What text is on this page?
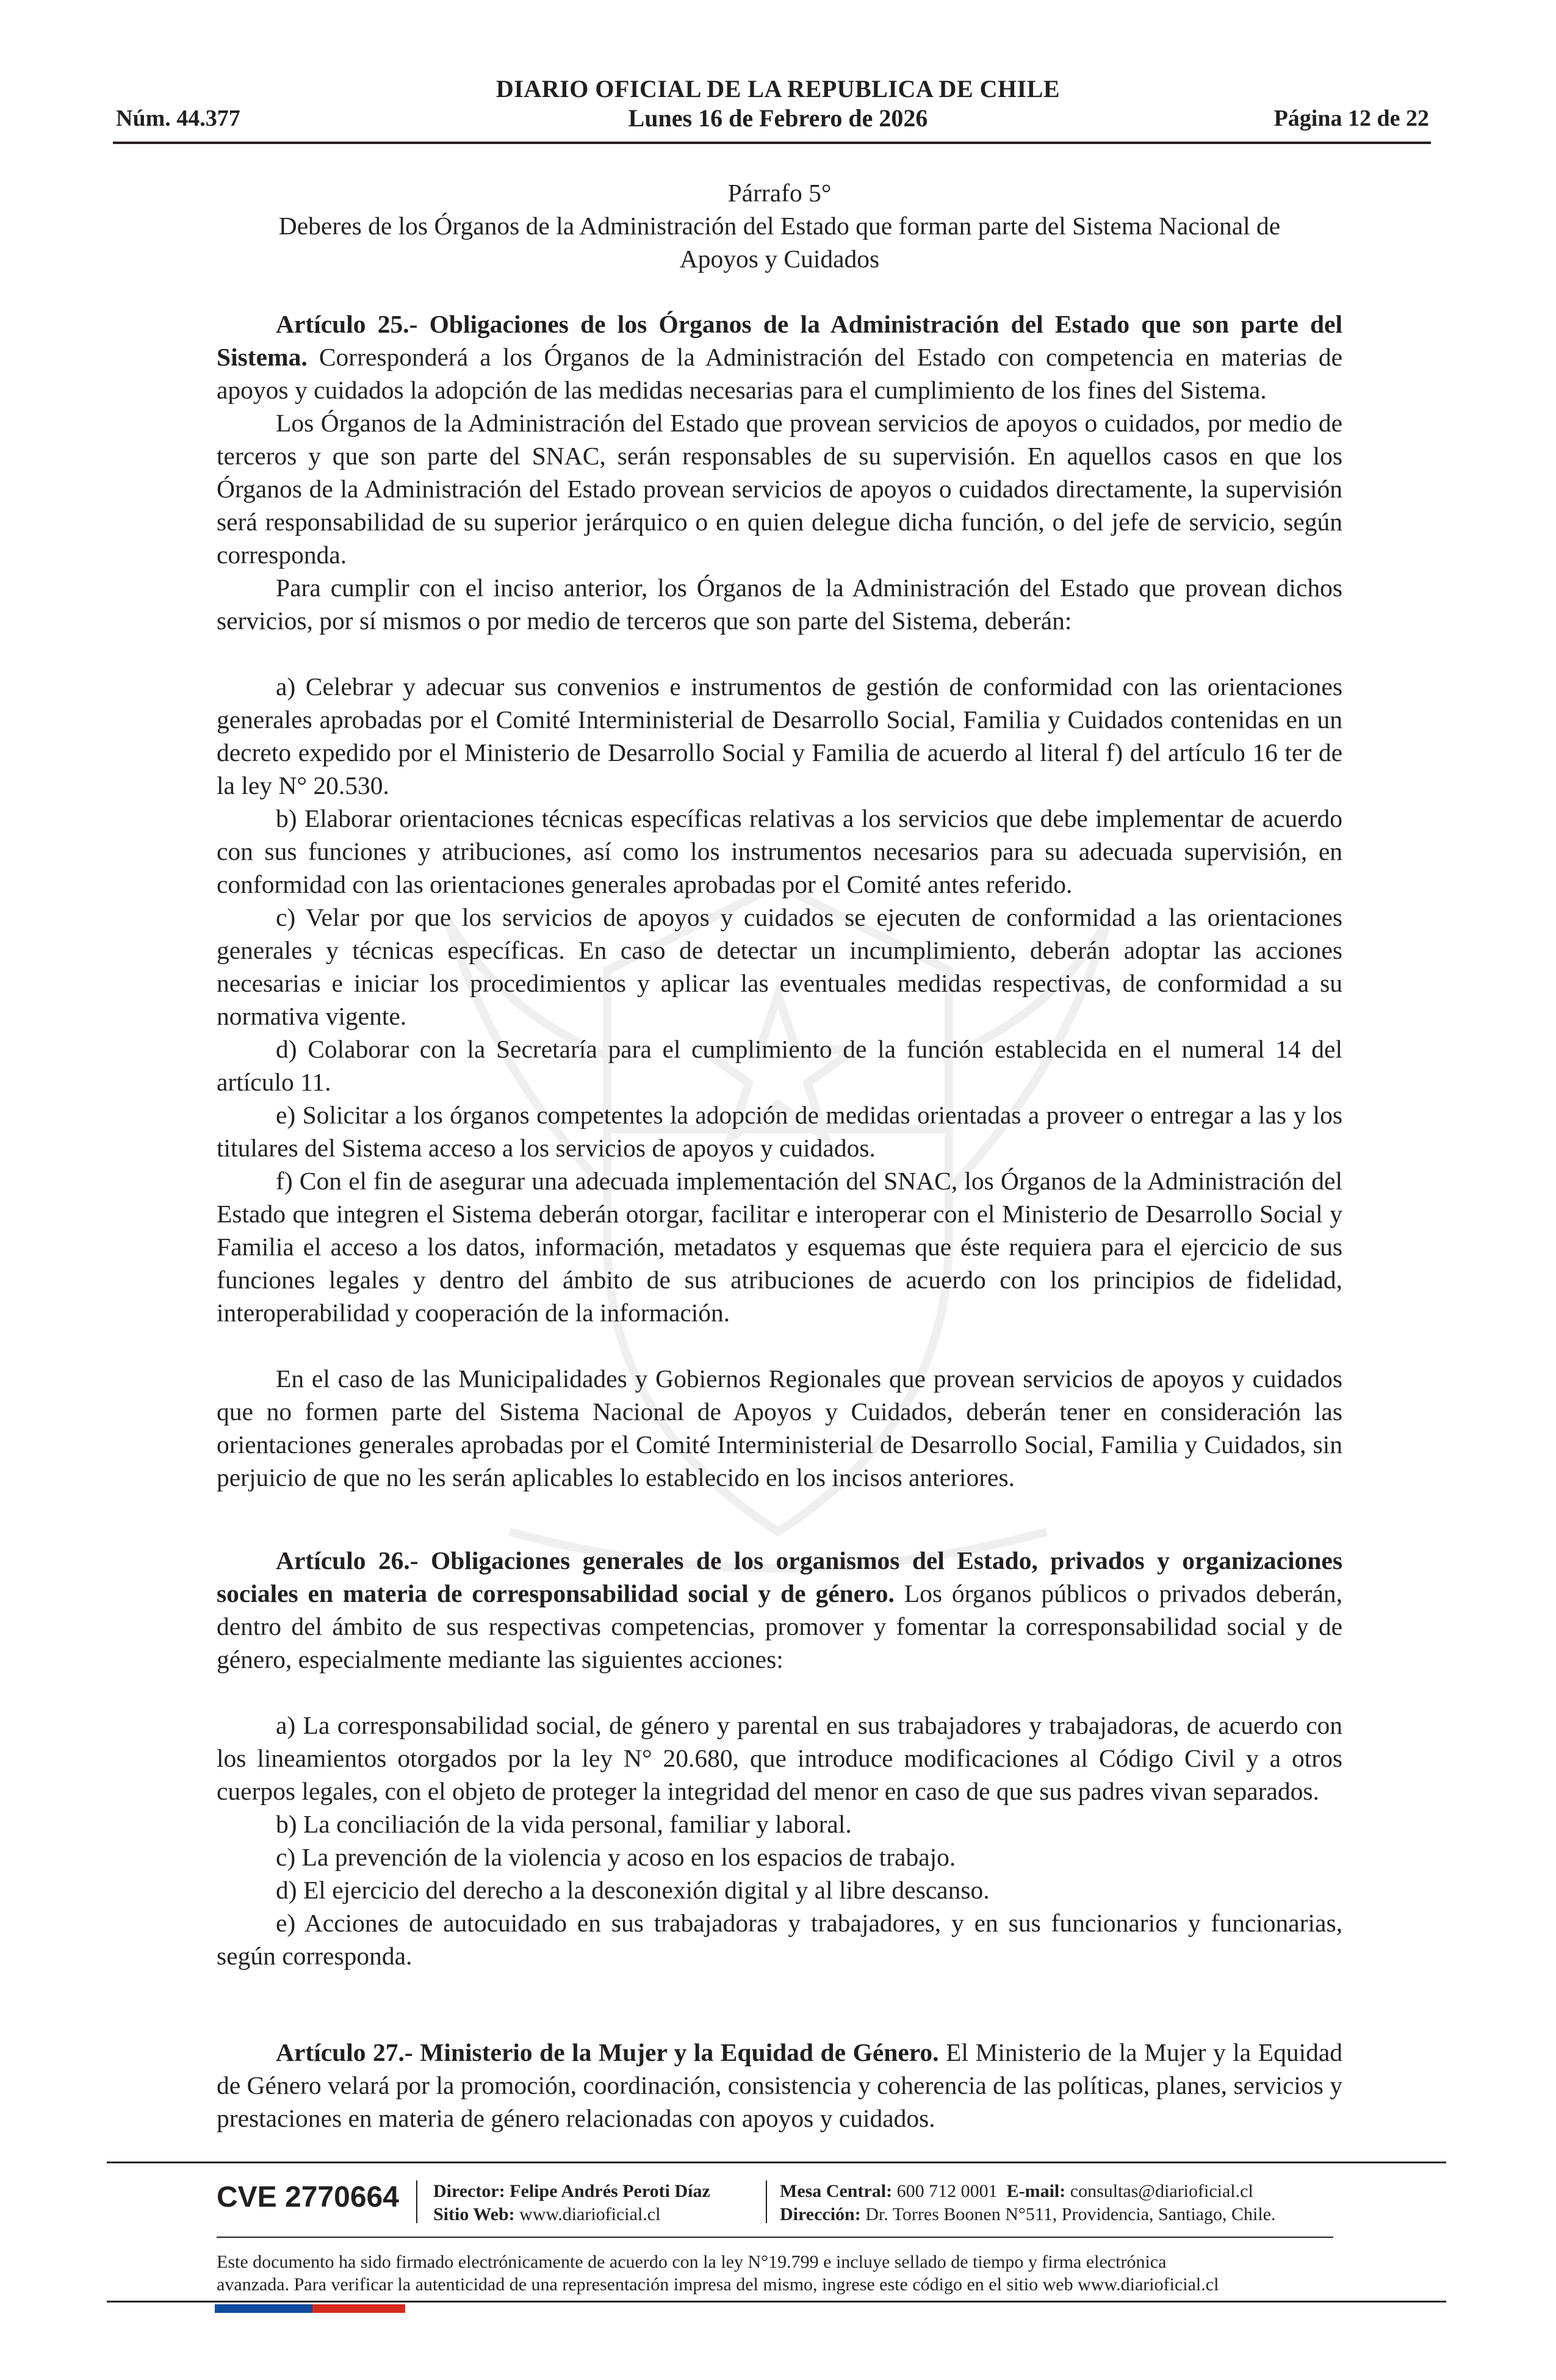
DIARIO OFICIAL DE LA REPUBLICA DE CHILE
Núm. 44.377	Lunes 16 de Febrero de 2026	Página 12 de 22
Párrafo 5°
Deberes de los Órganos de la Administración del Estado que forman parte del Sistema Nacional de
Apoyos y Cuidados

Artículo 25.- Obligaciones de los Órganos de la Administración del Estado que son parte del Sistema. Corresponderá a los Órganos de la Administración del Estado con competencia en materias de apoyos y cuidados la adopción de las medidas necesarias para el cumplimiento de los fines del Sistema.

Los Órganos de la Administración del Estado que provean servicios de apoyos o cuidados, por medio de terceros y que son parte del SNAC, serán responsables de su supervisión. En aquellos casos en que los Órganos de la Administración del Estado provean servicios de apoyos o cuidados directamente, la supervisión será responsabilidad de su superior jerárquico o en quien delegue dicha función, o del jefe de servicio, según corresponda.

Para cumplir con el inciso anterior, los Órganos de la Administración del Estado que provean dichos servicios, por sí mismos o por medio de terceros que son parte del Sistema, deberán:

a) Celebrar y adecuar sus convenios e instrumentos de gestión de conformidad con las orientaciones generales aprobadas por el Comité Interministerial de Desarrollo Social, Familia y Cuidados contenidas en un decreto expedido por el Ministerio de Desarrollo Social y Familia de acuerdo al literal f) del artículo 16 ter de la ley N° 20.530.

b) Elaborar orientaciones técnicas específicas relativas a los servicios que debe implementar de acuerdo con sus funciones y atribuciones, así como los instrumentos necesarios para su adecuada supervisión, en conformidad con las orientaciones generales aprobadas por el Comité antes referido.

c) Velar por que los servicios de apoyos y cuidados se ejecuten de conformidad a las orientaciones generales y técnicas específicas. En caso de detectar un incumplimiento, deberán adoptar las acciones necesarias e iniciar los procedimientos y aplicar las eventuales medidas respectivas, de conformidad a su normativa vigente.

d) Colaborar con la Secretaría para el cumplimiento de la función establecida en el numeral 14 del artículo 11.

e) Solicitar a los órganos competentes la adopción de medidas orientadas a proveer o entregar a las y los titulares del Sistema acceso a los servicios de apoyos y cuidados.

f) Con el fin de asegurar una adecuada implementación del SNAC, los Órganos de la Administración del Estado que integren el Sistema deberán otorgar, facilitar e interoperar con el Ministerio de Desarrollo Social y Familia el acceso a los datos, información, metadatos y esquemas que éste requiera para el ejercicio de sus funciones legales y dentro del ámbito de sus atribuciones de acuerdo con los principios de fidelidad, interoperabilidad y cooperación de la información.

En el caso de las Municipalidades y Gobiernos Regionales que provean servicios de apoyos y cuidados que no formen parte del Sistema Nacional de Apoyos y Cuidados, deberán tener en consideración las orientaciones generales aprobadas por el Comité Interministerial de Desarrollo Social, Familia y Cuidados, sin perjuicio de que no les serán aplicables lo establecido en los incisos anteriores.

Artículo 26.- Obligaciones generales de los organismos del Estado, privados y organizaciones sociales en materia de corresponsabilidad social y de género. Los órganos públicos o privados deberán, dentro del ámbito de sus respectivas competencias, promover y fomentar la corresponsabilidad social y de género, especialmente mediante las siguientes acciones:

a) La corresponsabilidad social, de género y parental en sus trabajadores y trabajadoras, de acuerdo con los lineamientos otorgados por la ley N° 20.680, que introduce modificaciones al Código Civil y a otros cuerpos legales, con el objeto de proteger la integridad del menor en caso de que sus padres vivan separados.

b) La conciliación de la vida personal, familiar y laboral.

c) La prevención de la violencia y acoso en los espacios de trabajo.

d) El ejercicio del derecho a la desconexión digital y al libre descanso.

e) Acciones de autocuidado en sus trabajadoras y trabajadores, y en sus funcionarios y funcionarias, según corresponda.

Artículo 27.- Ministerio de la Mujer y la Equidad de Género. El Ministerio de la Mujer y la Equidad de Género velará por la promoción, coordinación, consistencia y coherencia de las políticas, planes, servicios y prestaciones en materia de género relacionadas con apoyos y cuidados.

CVE 2770664 Director: Felipe Andrés Peroti Díaz
Sitio Web: www.diarioficial.cl
Mesa Central: 600 712 0001 E-mail: consultas@diarioficial.cl
Dirección: Dr. Torres Boonen N°511, Providencia, Santiago, Chile.
Este documento ha sido firmado electrónicamente de acuerdo con la ley N°19.799 e incluye sellado de tiempo y firma electrónica
avanzada. Para verificar la autenticidad de una representación impresa del mismo, ingrese este código en el sitio web www.diarioficial.cl
